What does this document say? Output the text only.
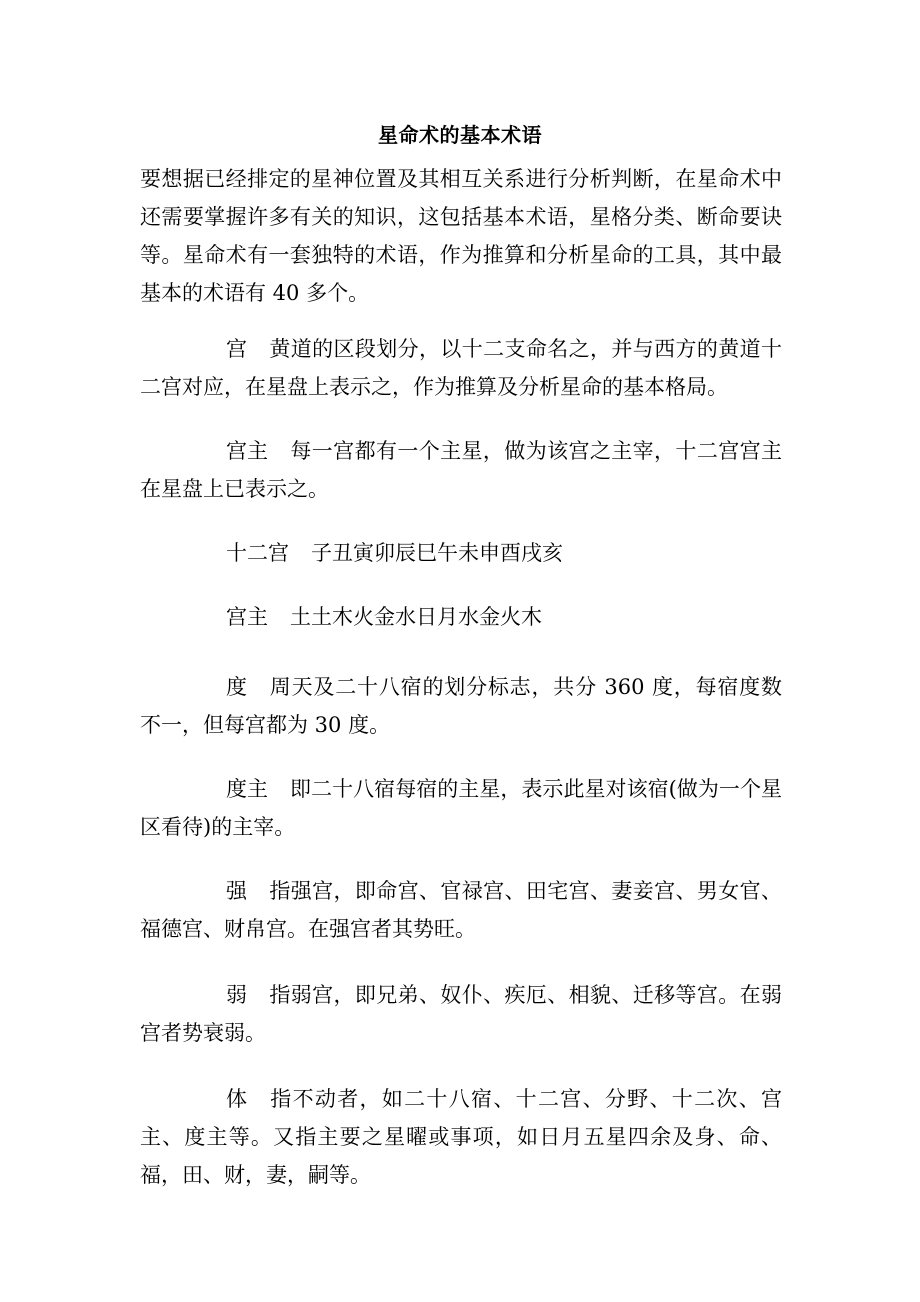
星命术的基本术语

要想据已经排定的星神位置及其相互关系进行分析判断，在星命术中还需要掌握许多有关的知识，这包括基本术语，星格分类、断命要诀等。星命术有一套独特的术语，作为推算和分析星命的工具，其中最基本的术语有 40 多个。

宫 黄道的区段划分，以十二支命名之，并与西方的黄道十二宫对应，在星盘上表示之，作为推算及分析星命的基本格局。

宫主 每一宫都有一个主星，做为该宫之主宰，十二宫宫主在星盘上已表示之。

十二宫 子丑寅卯辰巳午未申酉戌亥

宫主 土土木火金水日月水金火木

度 周天及二十八宿的划分标志，共分 360 度，每宿度数不一，但每宫都为 30 度。

度主 即二十八宿每宿的主星，表示此星对该宿(做为一个星区看待)的主宰。

强 指强宫，即命宫、官禄宫、田宅宫、妻妾宫、男女官、福德宫、财帛宫。在强宫者其势旺。

弱 指弱宫，即兄弟、奴仆、疾厄、相貌、迁移等宫。在弱宫者势衰弱。

体 指不动者，如二十八宿、十二宫、分野、十二次、宫主、度主等。又指主要之星曜或事项，如日月五星四余及身、命、福，田、财，妻，嗣等。
